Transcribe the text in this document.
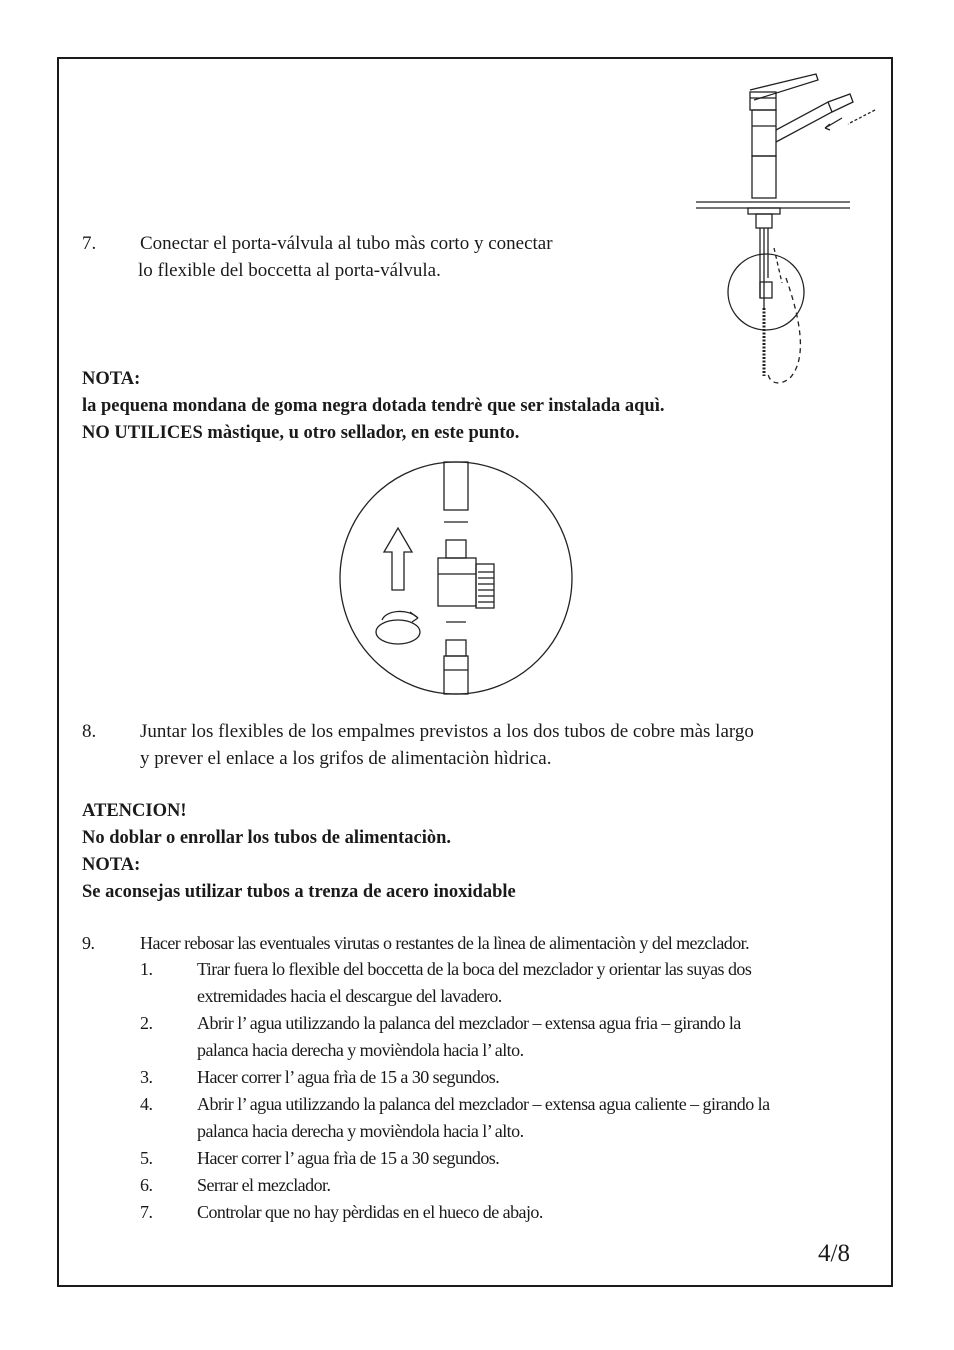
7. Conectar el porta-válvula al tubo màs corto y conectar
lo flexible del boccetta al porta-válvula.
NOTA:
la pequena mondana de goma negra dotada tendrè que ser instalada aquì.
NO UTILICES màstique, u otro sellador, en este punto.
8. Juntar los flexibles de los empalmes previstos a los dos tubos de cobre màs largo
y prever el enlace a los grifos de alimentaciòn hìdrica.
ATENCION!
No doblar o enrollar los tubos de alimentaciòn.
NOTA:
Se aconsejas utilizar tubos a trenza de acero inoxidable
9.	Hacer rebosar las eventuales virutas o restantes de la lìnea de alimentaciòn y del mezclador.
1. Tirar fuera lo flexible del boccetta de la boca del mezclador y orientar las suyas dos
extremidades hacia el descargue del lavadero.
2. Abrir l’ agua utilizzando la palanca del mezclador – extensa agua fria – girando la
palanca hacia derecha y movièndola hacia l’ alto.
3. Hacer correr l’ agua frìa de 15 a 30 segundos.
4. Abrir l’ agua utilizzando la palanca del mezclador – extensa agua caliente – girando la
palanca hacia derecha y movièndola hacia l’ alto.
5. Hacer correr l’ agua frìa de 15 a 30 segundos.
6. Serrar el mezclador.
7. Controlar que no hay pèrdidas en el hueco de abajo.
4/8
